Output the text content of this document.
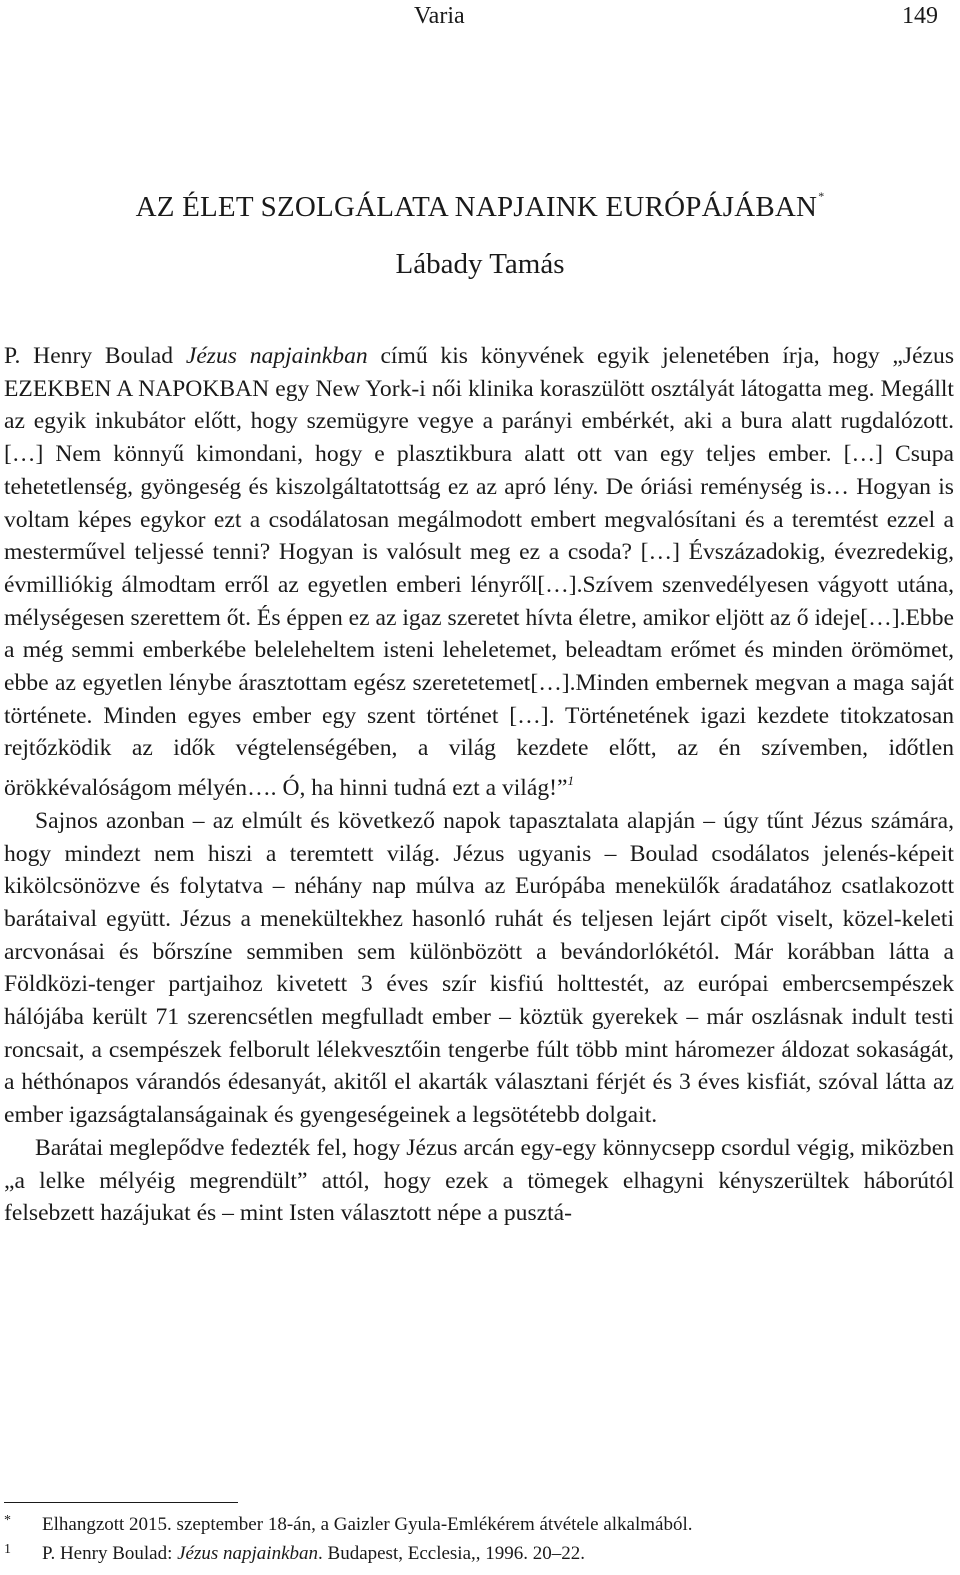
Varia	149
AZ ÉLET SZOLGÁLATA NAPJAINK EURÓPÁJÁBAN*
Lábady Tamás

P. Henry Boulad Jézus napjainkban című kis könyvének egyik jelenetében írja, hogy „Jézus EZEKBEN A NAPOKBAN egy New York-i női klinika koraszülött osztályát látogatta meg. Megállt az egyik inkubátor előtt, hogy szemügyre vegye a parányi embérkét, aki a bura alatt rugdalózott. […] Nem könnyű kimondani, hogy e plasztikbura alatt ott van egy teljes ember. […] Csupa tehetetlenség, gyöngeség és kiszolgáltatottság ez az apró lény. De óriási reménység is… Hogyan is voltam képes egykor ezt a csodálatosan megálmodott embert megvalósítani és a teremtést ezzel a mesterművel teljessé tenni? Hogyan is valósult meg ez a csoda? […] Évszázadokig, évezredekig, évmilliókig álmodtam erről az egyetlen emberi lényről[…].Szívem szenvedélyesen vágyott utána, mélységesen szerettem őt. És éppen ez az igaz szeretet hívta életre, amikor eljött az ő ideje[…].Ebbe a még semmi emberkébe beleleheltem isteni leheletemet, beleadtam erőmet és minden örömömet, ebbe az egyetlen lénybe árasztottam egész szeretetemet[…].Minden embernek megvan a maga saját története. Minden egyes ember egy szent történet […]. Történetének igazi kezdete titokzatosan rejtőzködik az idők végtelenségében, a világ kezdete előtt, az én szívemben, időtlen örökkévalóságom mélyén…. Ó, ha hinni tudná ezt a világ!”$^1$

Sajnos azonban – az elmúlt és következő napok tapasztalata alapján – úgy tűnt Jézus számára, hogy mindezt nem hiszi a teremtett világ. Jézus ugyanis – Boulad csodálatos jelenés-képeit kikölcsönözve és folytatva – néhány nap múlva az Európába menekülők áradatához csatlakozott barátaival együtt. Jézus a menekültekhez hasonló ruhát és teljesen lejárt cipőt viselt, közel-keleti arcvonásai és bőrszíne semmiben sem különbözött a bevándorlókétól. Már korábban látta a Földközi-tenger partjaihoz kivetett 3 éves szír kisfiú holttestét, az európai embercsempészek hálójába került 71 szerencsétlen megfulladt ember – köztük gyerekek – már oszlásnak indult testi roncsait, a csempészek felborult lélekvesztőin tengerbe fúlt több mint háromezer áldozat sokaságát, a héthónapos várandós édesanyát, akitől el akarták választani férjét és 3 éves kisfiát, szóval látta az ember igazságtalanságainak és gyengeségeinek a legsötétebb dolgait.

Barátai meglepődve fedezték fel, hogy Jézus arcán egy-egy könnycsepp csordul végig, miközben „a lelke mélyéig megrendült” attól, hogy ezek a tömegek elhagyni kényszerültek háborútól felsebzett hazájukat és – mint Isten választott népe a pusztá-

* Elhangzott 2015. szeptember 18-án, a Gaizler Gyula-Emlékérem átvétele alkalmából.
1 P. Henry Boulad: Jézus napjainkban. Budapest, Ecclesia,, 1996. 20–22.
